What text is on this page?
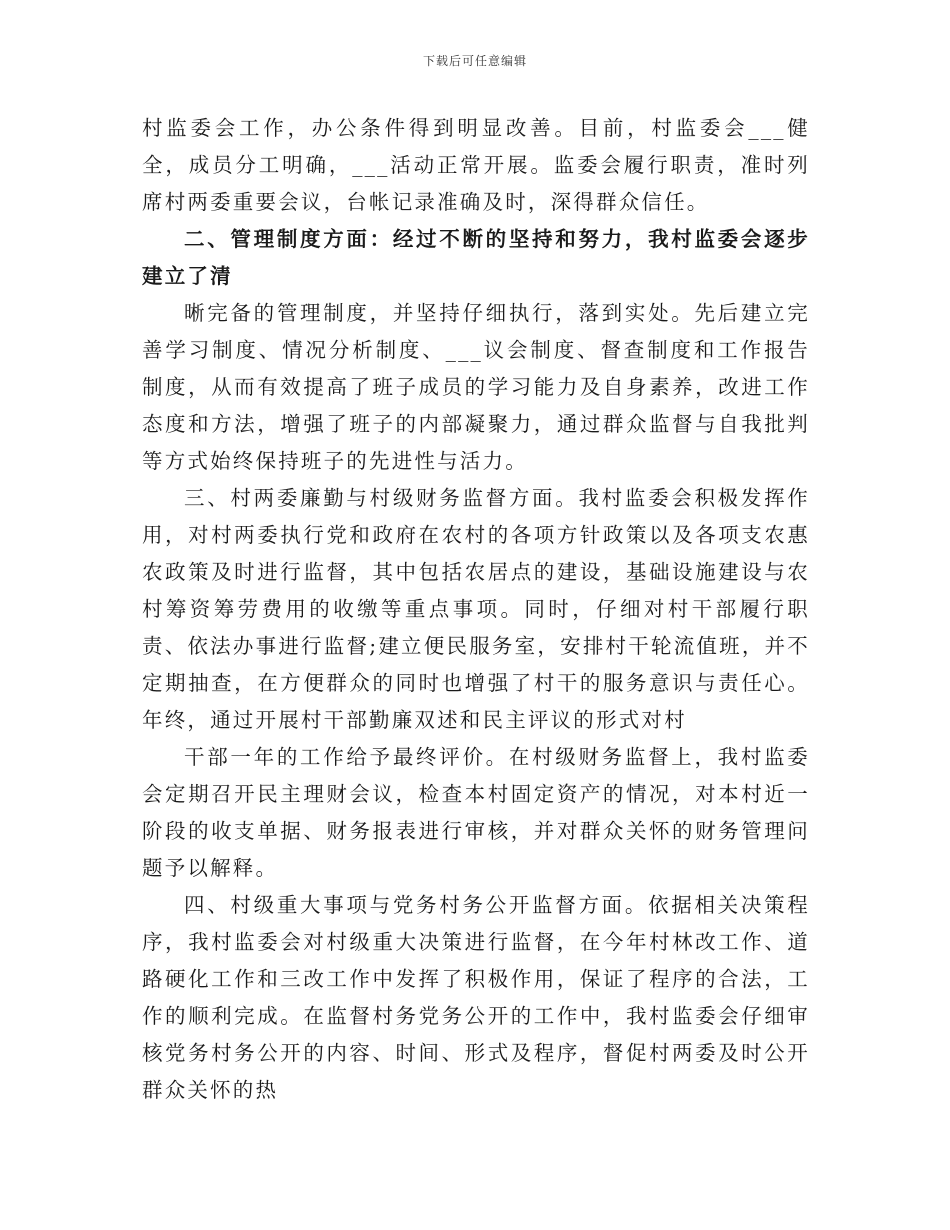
下载后可任意编辑

村监委会工作，办公条件得到明显改善。目前，村监委会___健全，成员分工明确，___活动正常开展。监委会履行职责，准时列席村两委重要会议，台帐记录准确及时，深得群众信任。

二、管理制度方面：经过不断的坚持和努力，我村监委会逐步建立了清

晰完备的管理制度，并坚持仔细执行，落到实处。先后建立完善学习制度、情况分析制度、___议会制度、督查制度和工作报告制度，从而有效提高了班子成员的学习能力及自身素养，改进工作态度和方法，增强了班子的内部凝聚力，通过群众监督与自我批判等方式始终保持班子的先进性与活力。

三、村两委廉勤与村级财务监督方面。我村监委会积极发挥作用，对村两委执行党和政府在农村的各项方针政策以及各项支农惠农政策及时进行监督，其中包括农居点的建设，基础设施建设与农村筹资筹劳费用的收缴等重点事项。同时，仔细对村干部履行职责、依法办事进行监督;建立便民服务室，安排村干轮流值班，并不定期抽查，在方便群众的同时也增强了村干的服务意识与责任心。年终，通过开展村干部勤廉双述和民主评议的形式对村

干部一年的工作给予最终评价。在村级财务监督上，我村监委会定期召开民主理财会议，检查本村固定资产的情况，对本村近一阶段的收支单据、财务报表进行审核，并对群众关怀的财务管理问题予以解释。

四、村级重大事项与党务村务公开监督方面。依据相关决策程序，我村监委会对村级重大决策进行监督，在今年村林改工作、道路硬化工作和三改工作中发挥了积极作用，保证了程序的合法，工作的顺利完成。在监督村务党务公开的工作中，我村监委会仔细审核党务村务公开的内容、时间、形式及程序，督促村两委及时公开群众关怀的热
